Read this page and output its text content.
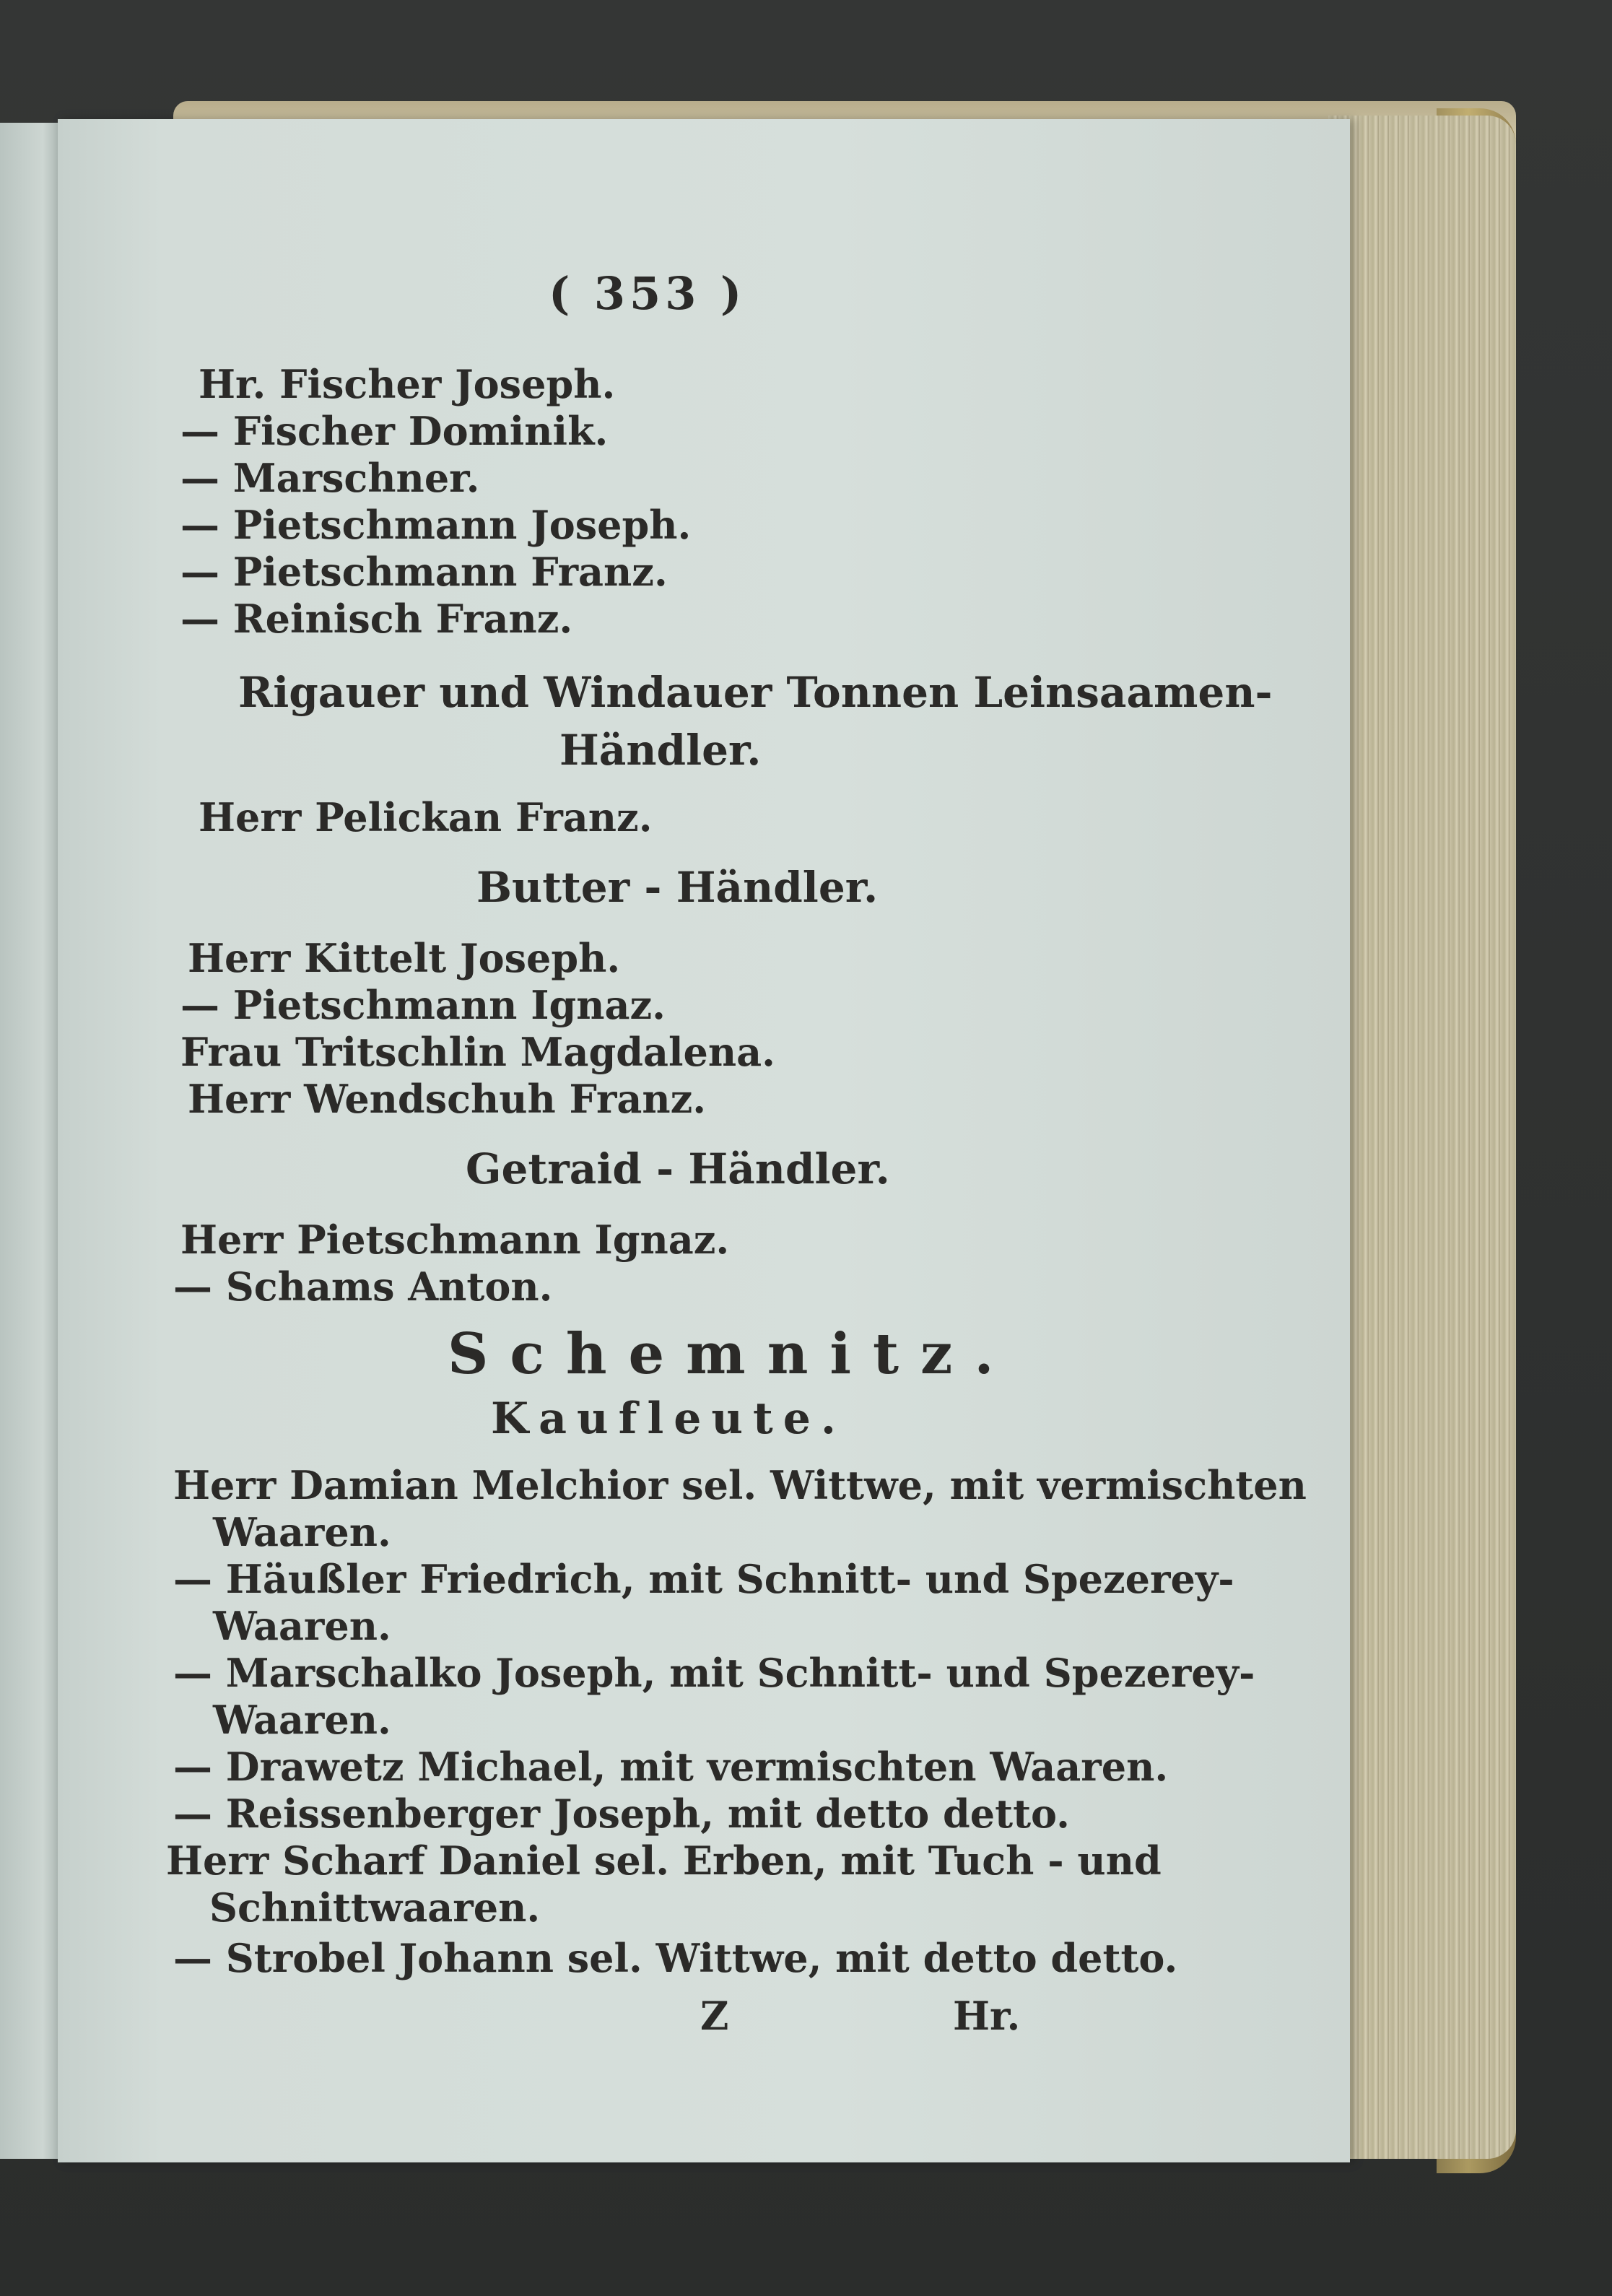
( 353 )
Hr. Fischer Joseph.
— Fischer Dominik.
— Marschner.
— Pietschmann Joseph.
— Pietschmann Franz.
— Reinisch Franz.
Rigauer und Windauer Tonnen Leinsaamen-
Händler.
Herr Pelickan Franz.
Butter - Händler.
Herr Kittelt Joseph.
— Pietschmann Ignaz.
Frau Tritschlin Magdalena.
Herr Wendschuh Franz.
Getraid - Händler.
Herr Pietschmann Ignaz.
— Schams Anton.
Schemnitz.
Kaufleute.
Herr Damian Melchior sel. Wittwe, mit vermischten
Waaren.
— Häußler Friedrich, mit Schnitt- und Spezerey-
Waaren.
— Marschalko Joseph, mit Schnitt- und Spezerey-
Waaren.
— Drawetz Michael, mit vermischten Waaren.
— Reissenberger Joseph, mit detto detto.
Herr Scharf Daniel sel. Erben, mit Tuch - und
Schnittwaaren.
— Strobel Johann sel. Wittwe, mit detto detto.
Z	Hr.
